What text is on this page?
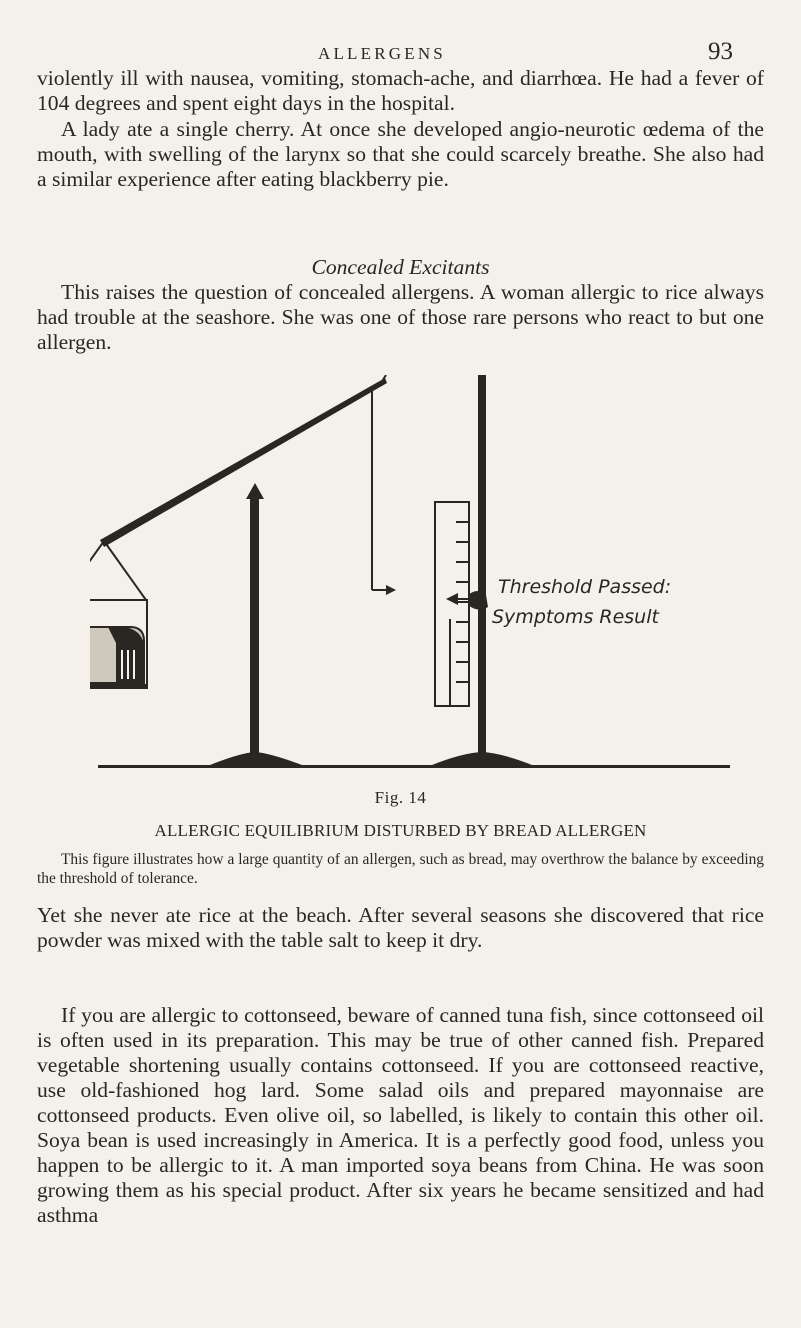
ALLERGENS	93

violently ill with nausea, vomiting, stomach-ache, and diarrhœa. He had a fever of 104 degrees and spent eight days in the hospital.

A lady ate a single cherry. At once she developed angio-neurotic œdema of the mouth, with swelling of the larynx so that she could scarcely breathe. She also had a similar experience after eating blackberry pie.

Concealed Excitants

This raises the question of concealed allergens. A woman allergic to rice always had trouble at the seashore. She was one of those rare persons who react to but one allergen.

Threshold Passed:
Symptoms Result
Fig. 14
ALLERGIC EQUILIBRIUM DISTURBED BY BREAD ALLERGEN

This figure illustrates how a large quantity of an allergen, such as bread, may overthrow the balance by exceeding the threshold of tolerance.

Yet she never ate rice at the beach. After several seasons she discovered that rice powder was mixed with the table salt to keep it dry.

If you are allergic to cottonseed, beware of canned tuna fish, since cottonseed oil is often used in its preparation. This may be true of other canned fish. Prepared vegetable shortening usually contains cottonseed. If you are cottonseed reactive, use old-fashioned hog lard. Some salad oils and prepared mayonnaise are cottonseed products. Even olive oil, so labelled, is likely to contain this other oil. Soya bean is used increasingly in America. It is a perfectly good food, unless you happen to be allergic to it. A man imported soya beans from China. He was soon growing them as his special product. After six years he became sensitized and had asthma
